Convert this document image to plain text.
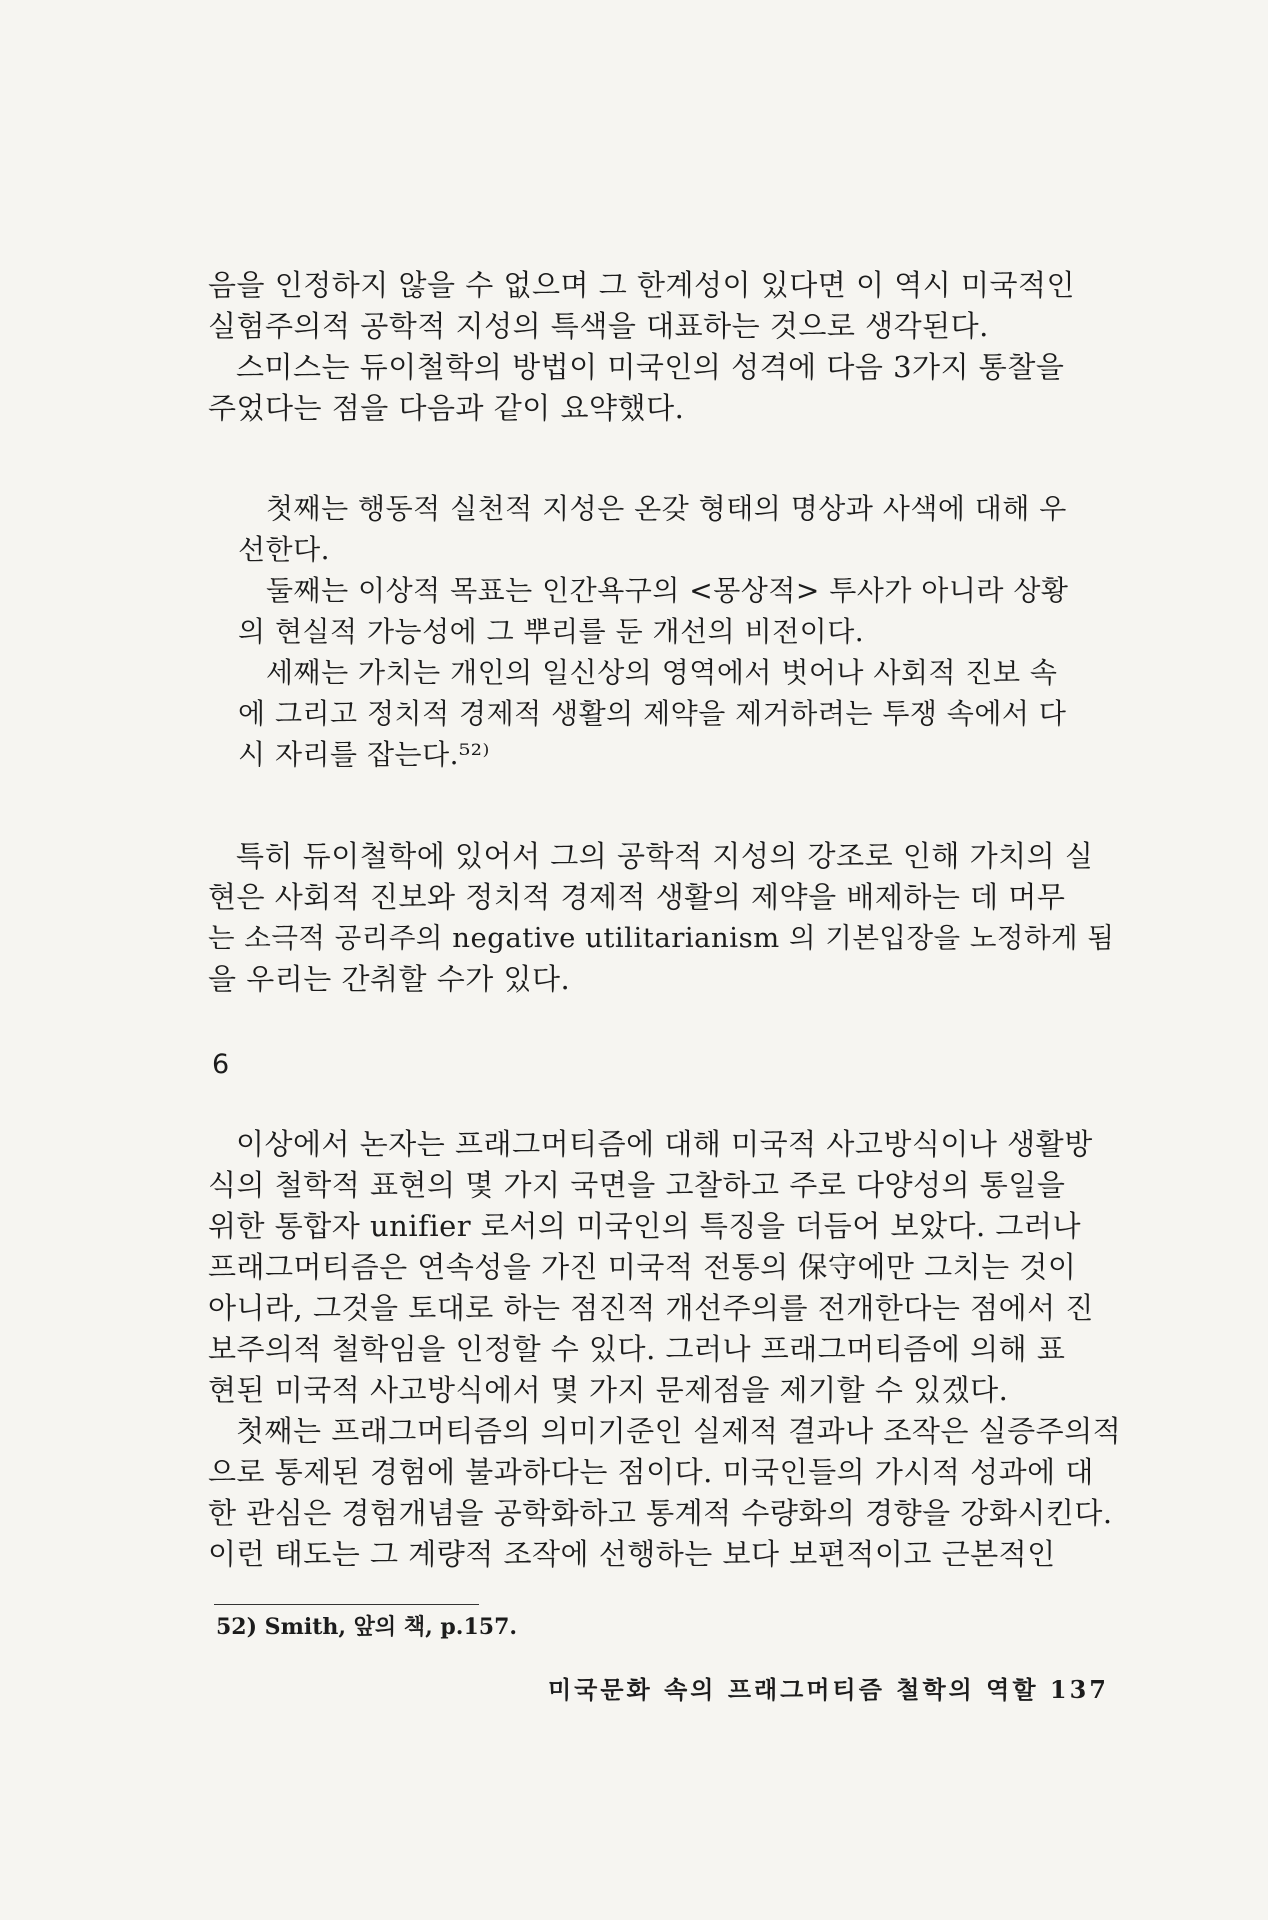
음을 인정하지 않을 수 없으며 그 한계성이 있다면 이 역시 미국적인
실험주의적 공학적 지성의 특색을 대표하는 것으로 생각된다.
스미스는 듀이철학의 방법이 미국인의 성격에 다음 3가지 통찰을
주었다는 점을 다음과 같이 요약했다.
첫째는 행동적 실천적 지성은 온갖 형태의 명상과 사색에 대해 우
선한다.
둘째는 이상적 목표는 인간욕구의 <몽상적> 투사가 아니라 상황
의 현실적 가능성에 그 뿌리를 둔 개선의 비전이다.
세째는 가치는 개인의 일신상의 영역에서 벗어나 사회적 진보 속
에 그리고 정치적 경제적 생활의 제약을 제거하려는 투쟁 속에서 다
시 자리를 잡는다.⁵²⁾
특히 듀이철학에 있어서 그의 공학적 지성의 강조로 인해 가치의 실
현은 사회적 진보와 정치적 경제적 생활의 제약을 배제하는 데 머무
는 소극적 공리주의 negative utilitarianism 의 기본입장을 노정하게 됨
을 우리는 간취할 수가 있다.
6
이상에서 논자는 프래그머티즘에 대해 미국적 사고방식이나 생활방
식의 철학적 표현의 몇 가지 국면을 고찰하고 주로 다양성의 통일을
위한 통합자 unifier 로서의 미국인의 특징을 더듬어 보았다. 그러나
프래그머티즘은 연속성을 가진 미국적 전통의 保守에만 그치는 것이
아니라, 그것을 토대로 하는 점진적 개선주의를 전개한다는 점에서 진
보주의적 철학임을 인정할 수 있다. 그러나 프래그머티즘에 의해 표
현된 미국적 사고방식에서 몇 가지 문제점을 제기할 수 있겠다.
첫째는 프래그머티즘의 의미기준인 실제적 결과나 조작은 실증주의적
으로 통제된 경험에 불과하다는 점이다. 미국인들의 가시적 성과에 대
한 관심은 경험개념을 공학화하고 통계적 수량화의 경향을 강화시킨다.
이런 태도는 그 계량적 조작에 선행하는 보다 보편적이고 근본적인
52) Smith, 앞의 책, p.157.
미국문화 속의 프래그머티즘 철학의 역할 137
